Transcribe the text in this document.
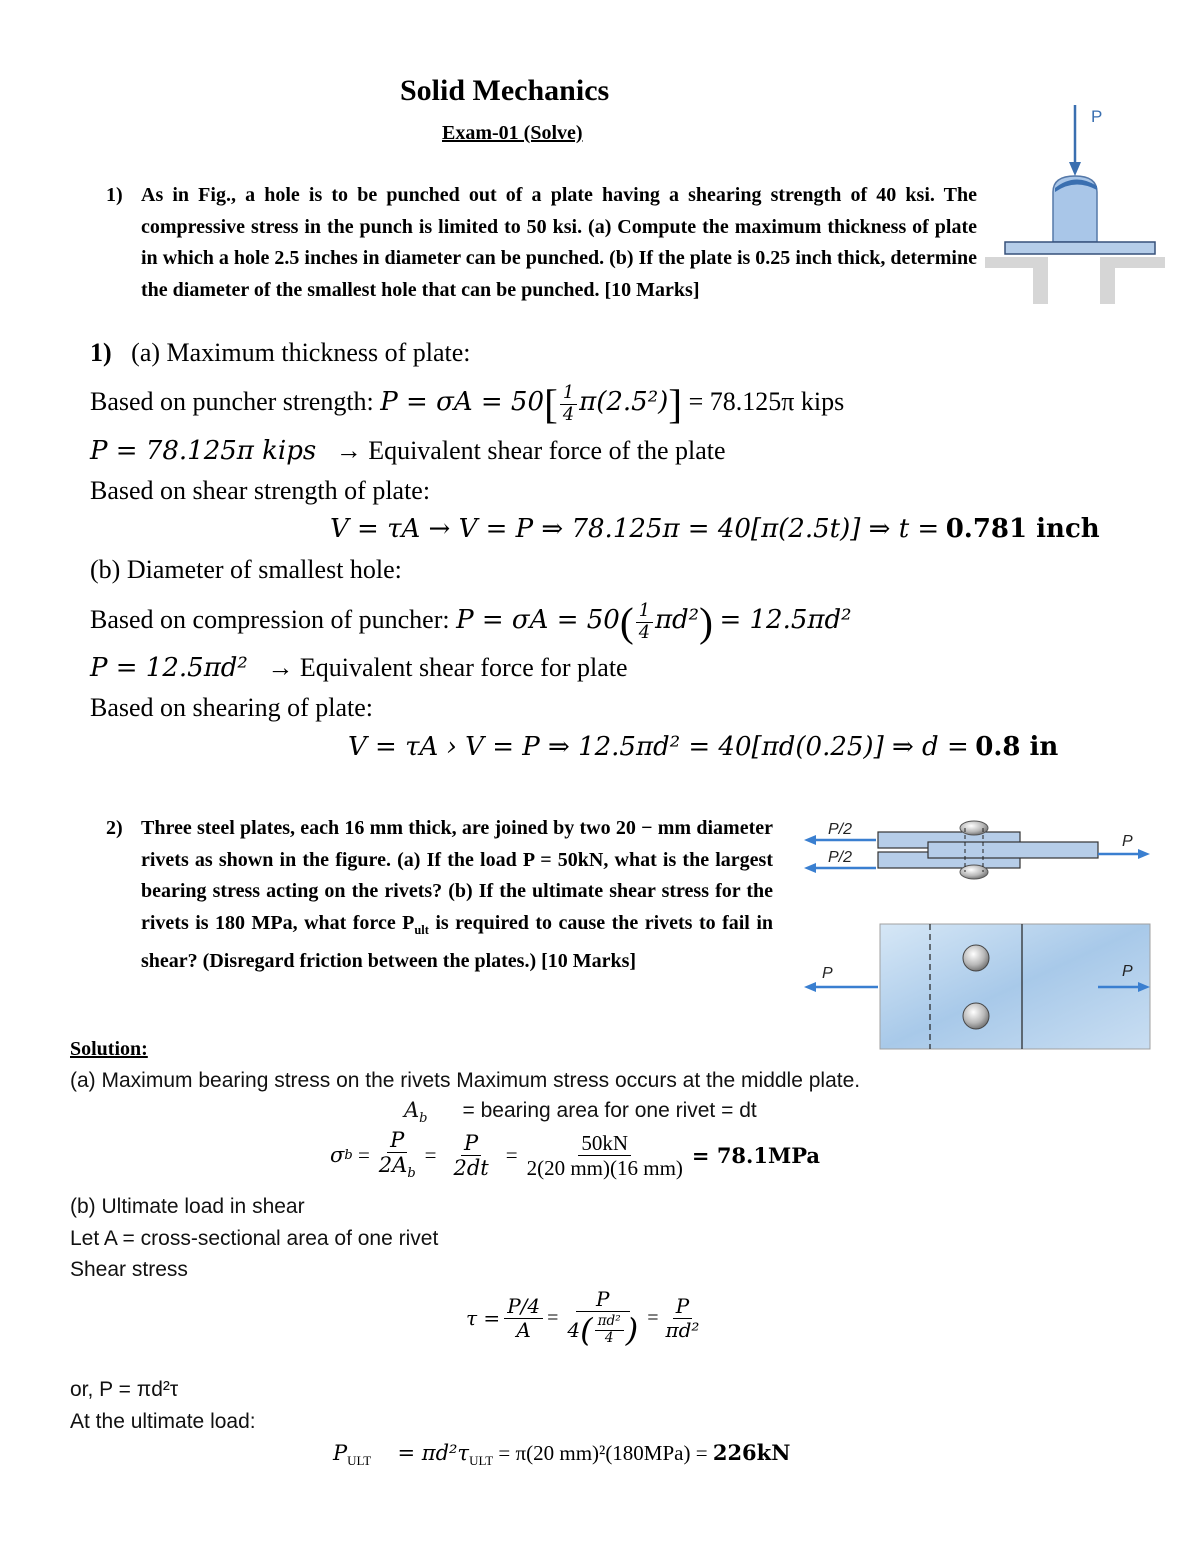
Solid Mechanics
Exam-01 (Solve)
1) As in Fig., a hole is to be punched out of a plate having a shearing strength of 40 ksi. The compressive stress in the punch is limited to 50 ksi. (a) Compute the maximum thickness of plate in which a hole 2.5 inches in diameter can be punched. (b) If the plate is 0.25 inch thick, determine the diameter of the smallest hole that can be punched. [10 Marks]
P
1) (a) Maximum thickness of plate:
Based on puncher strength: $P = \sigma A = 50[ \frac{1}{4} \pi(2.5^2)] = 78.125\pi$ kips
P = 78.125π kips → Equivalent shear force of the plate
Based on shear strength of plate:
V = τA → V = P ⇒ 78.125π = 40[π(2.5t)] ⇒ t = 0.781 inch
(b) Diameter of smallest hole:
Based on compression of puncher: $P = \sigma A = 50( \frac{1}{4} \pi d^2) = 12.5\pi d^2$
P = 12.5πd² → Equivalent shear force for plate
Based on shearing of plate:
V = τA › V = P ⇒ 12.5πd² = 40[πd(0.25)] ⇒ d = 0.8 in
2) Three steel plates, each 16 mm thick, are joined by two 20 − mm diameter rivets as shown in the figure. (a) If the load P = 50kN, what is the largest bearing stress acting on the rivets? (b) If the ultimate shear stress for the rivets is 180 MPa, what force $P_{ult}$ is required to cause the rivets to fail in shear? (Disregard friction between the plates.) [10 Marks]
P/2
P/2
P
P	P
Solution:
(a) Maximum bearing stress on the rivets Maximum stress occurs at the middle plate.
$A_b$ = bearing area for one rivet = dt
σ $b = \frac{P}{2A_b} = \frac{P}{2dt} = \frac{50kN}{2(20 mm)(16 mm)} = 78.1MPa$
(b) Ultimate load in shear
Let A = cross-sectional area of one rivet
Shear stress
$\tau = \frac{P/4}{A} = \frac{P}{4 ( \frac{\text{πd²}}{4} )} = \frac{P}{\text{πd²}}$
or, P = πd²τ
At the ultimate load:
$P_{ULT} = \pi d^2\tau_{ULT} = \pi(20$ mm)²(180MPa) = 226kN
